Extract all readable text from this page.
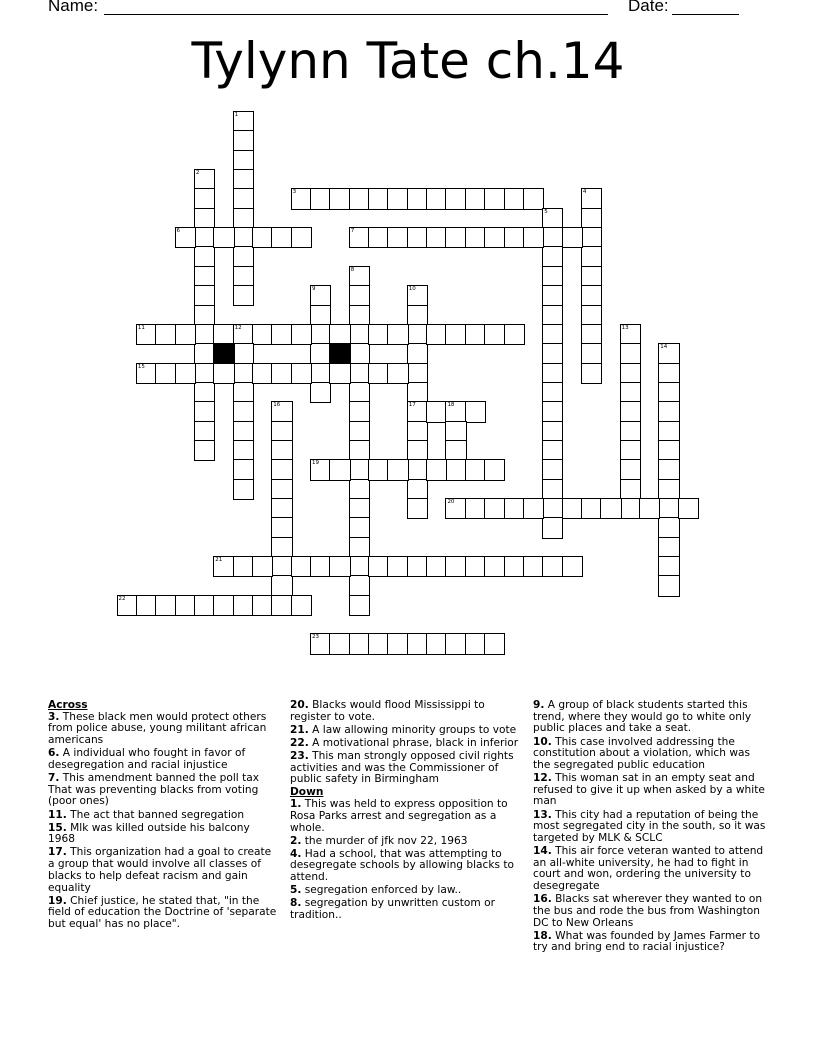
Name:	Date:
Tylynn Tate ch.14
1
2
3	4
5
6	7
8
9	10
17
11	12	13
14
15
16	18
19
20
21
22
23
Across
3. These black men would protect others from police abuse, young militant african americans
6. A individual who fought in favor of desegregation and racial injustice
7. This amendment banned the poll tax That was preventing blacks from voting (poor ones)
11. The act that banned segregation
15. Mlk was killed outside his balcony 1968
17. This organization had a goal to create a group that would involve all classes of blacks to help defeat racism and gain equality
19. Chief justice, he stated that, "in the field of education the Doctrine of 'separate but equal' has no place".
20. Blacks would flood Mississippi to register to vote.
21. A law allowing minority groups to vote
22. A motivational phrase, black in inferior
23. This man strongly opposed civil rights activities and was the Commissioner of public safety in Birmingham
Down
1. This was held to express opposition to Rosa Parks arrest and segregation as a whole.
2. the murder of jfk nov 22, 1963
4. Had a school, that was attempting to desegregate schools by allowing blacks to attend.
5. segregation enforced by law..
8. segregation by unwritten custom or tradition..
9. A group of black students started this trend, where they would go to white only public places and take a seat.
10. This case involved addressing the constitution about a violation, which was the segregated public education
12. This woman sat in an empty seat and refused to give it up when asked by a white man
13. This city had a reputation of being the most segregated city in the south, so it was targeted by MLK & SCLC
14. This air force veteran wanted to attend an all-white university, he had to fight in court and won, ordering the university to desegregate
16. Blacks sat wherever they wanted to on the bus and rode the bus from Washington DC to New Orleans
18. What was founded by James Farmer to try and bring end to racial injustice?
